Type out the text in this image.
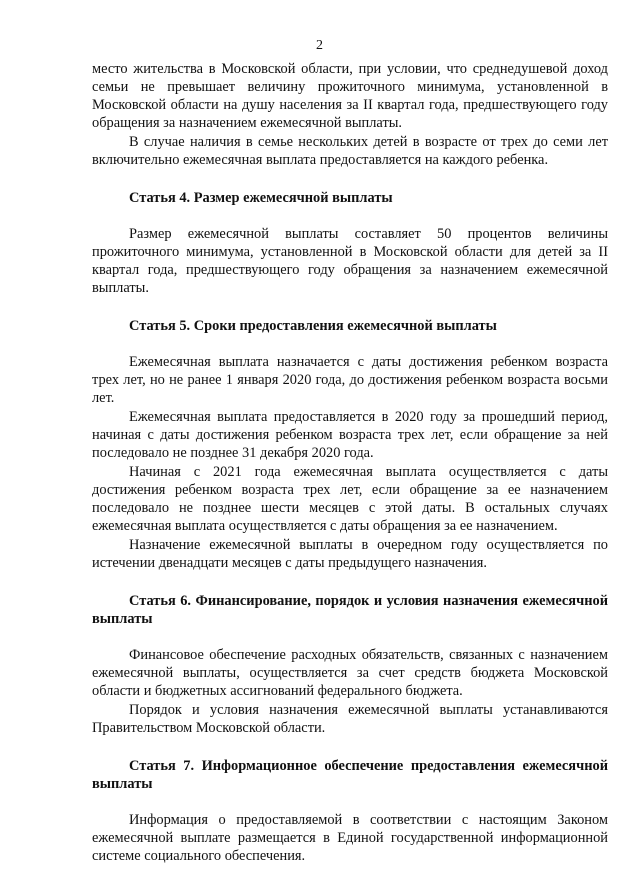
2

место жительства в Московской области, при условии, что среднедушевой доход семьи не превышает величину прожиточного минимума, установленной в Московской области на душу населения за II квартал года, предшествующего году обращения за назначением ежемесячной выплаты.

В случае наличия в семье нескольких детей в возрасте от трех до семи лет включительно ежемесячная выплата предоставляется на каждого ребенка.

Статья 4. Размер ежемесячной выплаты

Размер ежемесячной выплаты составляет 50 процентов величины прожиточного минимума, установленной в Московской области для детей за II квартал года, предшествующего году обращения за назначением ежемесячной выплаты.

Статья 5. Сроки предоставления ежемесячной выплаты

Ежемесячная выплата назначается с даты достижения ребенком возраста трех лет, но не ранее 1 января 2020 года, до достижения ребенком возраста восьми лет.

Ежемесячная выплата предоставляется в 2020 году за прошедший период, начиная с даты достижения ребенком возраста трех лет, если обращение за ней последовало не позднее 31 декабря 2020 года.

Начиная с 2021 года ежемесячная выплата осуществляется с даты достижения ребенком возраста трех лет, если обращение за ее назначением последовало не позднее шести месяцев с этой даты. В остальных случаях ежемесячная выплата осуществляется с даты обращения за ее назначением.

Назначение ежемесячной выплаты в очередном году осуществляется по истечении двенадцати месяцев с даты предыдущего назначения.

Статья 6. Финансирование, порядок и условия назначения ежемесячной выплаты

Финансовое обеспечение расходных обязательств, связанных с назначением ежемесячной выплаты, осуществляется за счет средств бюджета Московской области и бюджетных ассигнований федерального бюджета.

Порядок и условия назначения ежемесячной выплаты устанавливаются Правительством Московской области.

Статья 7. Информационное обеспечение предоставления ежемесячной выплаты

Информация о предоставляемой в соответствии с настоящим Законом ежемесячной выплате размещается в Единой государственной информационной системе социального обеспечения.
